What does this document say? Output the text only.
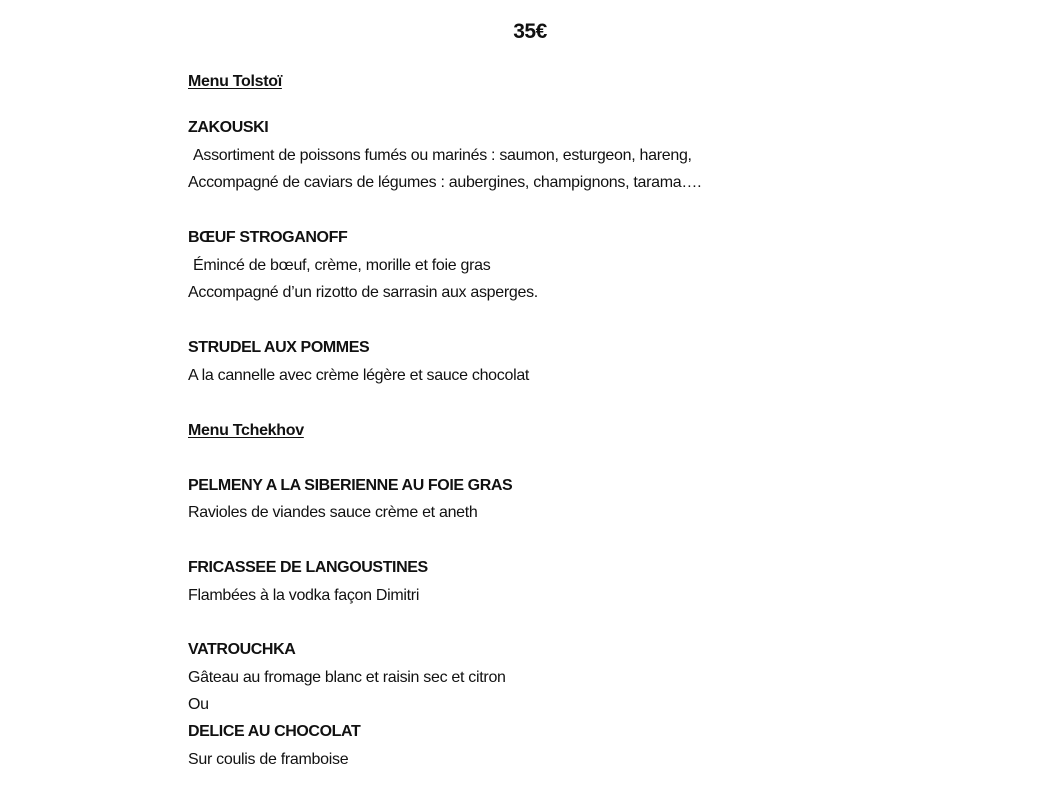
35€
Menu Tolstoï
ZAKOUSKI
Assortiment de poissons fumés ou marinés : saumon, esturgeon, hareng,
Accompagné de caviars de légumes : aubergines, champignons, tarama….
BŒUF STROGANOFF
Émincé de bœuf, crème, morille et foie gras
Accompagné d’un rizotto de sarrasin aux asperges.
STRUDEL AUX POMMES
A la cannelle avec crème légère et sauce chocolat
Menu Tchekhov
PELMENY A LA SIBERIENNE AU FOIE GRAS
Ravioles de viandes sauce crème et aneth
FRICASSEE DE LANGOUSTINES
Flambées à la vodka façon Dimitri
VATROUCHKA
Gâteau au fromage blanc et raisin sec et citron
Ou
DELICE AU CHOCOLAT
Sur coulis de framboise
